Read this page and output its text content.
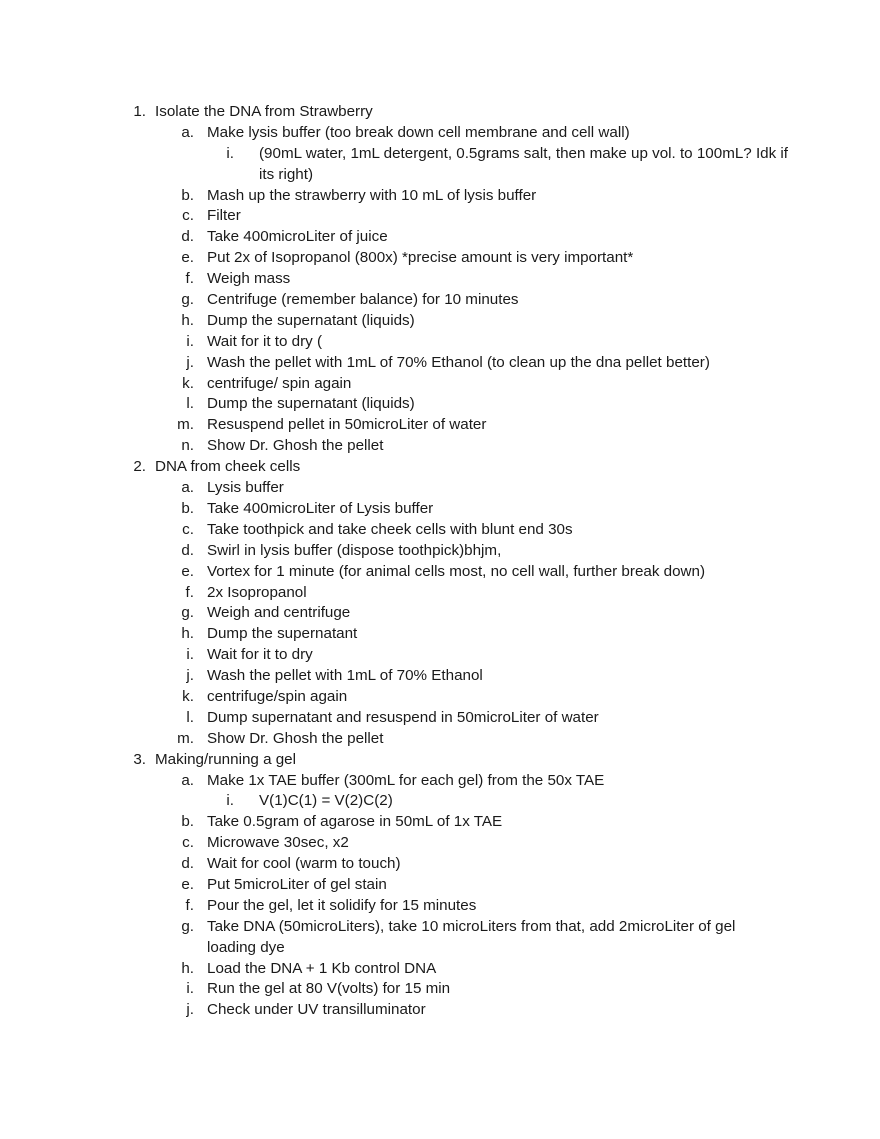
1. Isolate the DNA from Strawberry
a. Make lysis buffer (too break down cell membrane and cell wall)
i. (90mL water, 1mL detergent, 0.5grams salt, then make up vol. to 100mL? Idk if its right)
b. Mash up the strawberry with 10 mL of lysis buffer
c. Filter
d. Take 400microLiter of juice
e. Put 2x of Isopropanol (800x) *precise amount is very important*
f. Weigh mass
g. Centrifuge (remember balance) for 10 minutes
h. Dump the supernatant (liquids)
i. Wait for it to dry (
j. Wash the pellet with 1mL of 70% Ethanol (to clean up the dna pellet better)
k. centrifuge/ spin again
l. Dump the supernatant (liquids)
m. Resuspend pellet in 50microLiter of water
n. Show Dr. Ghosh the pellet
2. DNA from cheek cells
a. Lysis buffer
b. Take 400microLiter of Lysis buffer
c. Take toothpick and take cheek cells with blunt end 30s
d. Swirl in lysis buffer (dispose toothpick)bhjm,
e. Vortex for 1 minute (for animal cells most, no cell wall, further break down)
f. 2x Isopropanol
g. Weigh and centrifuge
h. Dump the supernatant
i. Wait for it to dry
j. Wash the pellet with 1mL of 70% Ethanol
k. centrifuge/spin again
l. Dump supernatant and resuspend in 50microLiter of water
m. Show Dr. Ghosh the pellet
3. Making/running a gel
a. Make 1x TAE buffer (300mL for each gel) from the 50x TAE
i. V(1)C(1) = V(2)C(2)
b. Take 0.5gram of agarose in 50mL of 1x TAE
c. Microwave 30sec, x2
d. Wait for cool (warm to touch)
e. Put 5microLiter of gel stain
f. Pour the gel, let it solidify for 15 minutes
g. Take DNA (50microLiters), take 10 microLiters from that, add 2microLiter of gel loading dye
h. Load the DNA + 1 Kb control DNA
i. Run the gel at 80 V(volts) for 15 min
j. Check under UV transilluminator
